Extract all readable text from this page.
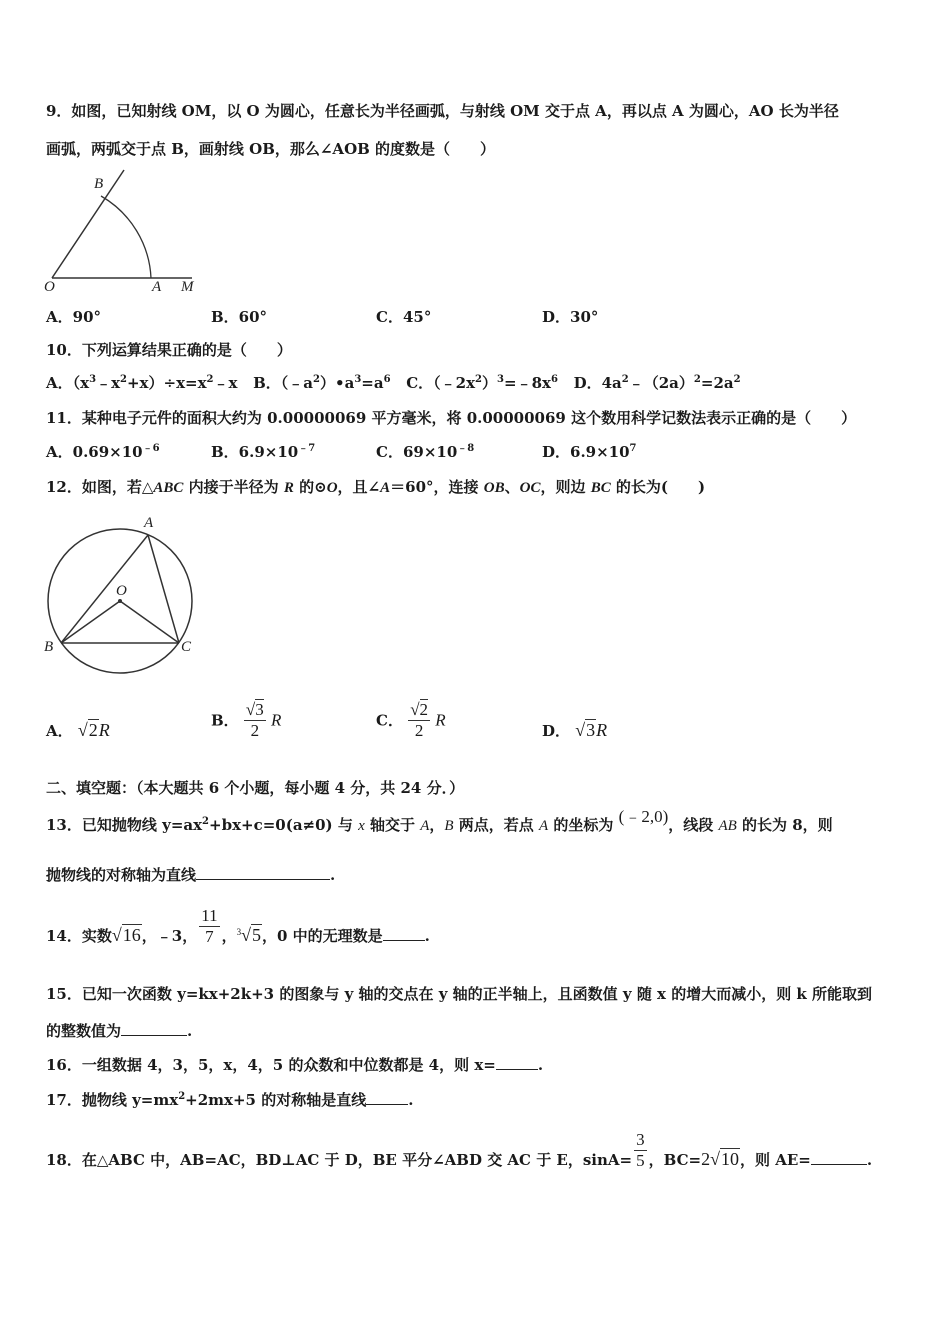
9．如图，已知射线 OM，以 O 为圆心，任意长为半径画弧，与射线 OM 交于点 A，再以点 A 为圆心，AO 长为半径
画弧，两弧交于点 B，画射线 OB，那么∠AOB 的度数是（　　）
B
O	A M
A．90°	B．60°	C．45°	D．30°
10．下列运算结果正确的是（　　）
A．$(x^3﹣x^2+x)\div x=x^2﹣x$ B．$(﹣a^2)•a^3=a^6$ C．$(﹣2x^2)^3=﹣8x^6$ D．$4a^2﹣(2a)^2=2a^2$
11．某种电子元件的面积大约为 0.00000069 平方毫米，将 0.00000069 这个数用科学记数法表示正确的是（　　）
A．$0.69\times 10^{﹣6}$	B．$6.9\times 10^{﹣7}$	C．$69\times 10^{﹣8}$	D．$6.9\times 10^7$
12．如图，若△ABC 内接于半径为 R 的⊙O，且∠A＝60°，连接 OB、OC，则边 BC 的长为(　　)
A
O
B	C
A． √2R	B． $\frac{√3}{2}$ R	C． $\frac{√2}{2}$ R
D． √3R
二、填空题：（本大题共 6 个小题，每小题 4 分，共 24 分．）
13．已知抛物线 $y=ax^2+bx+c=0(a\ne 0)$ 与 x 轴交于 A，B 两点，若点 A 的坐标为 (﹣2,0)，线段 AB 的长为 8，则
抛物线的对称轴为直线	.
14．实数√16，﹣3， $\frac{11}{7}$ ，$^3$√5，0 中的无理数是	.
15．已知一次函数 y=kx+2k+3 的图象与 y 轴的交点在 y 轴的正半轴上，且函数值 y 随 x 的增大而减小，则 k 所能取到
的整数值为	.
16．一组数据 4，3，5，x，4，5 的众数和中位数都是 4，则 x=	.
17．抛物线 $y=mx^2+2mx+5$ 的对称轴是直线	.
18．在△ABC 中，AB=AC，BD⊥AC 于 D，BE 平分∠ABD 交 AC 于 E，$\sin A= \frac{3}{5}$ ，BC=2√10，则 AE=	.
